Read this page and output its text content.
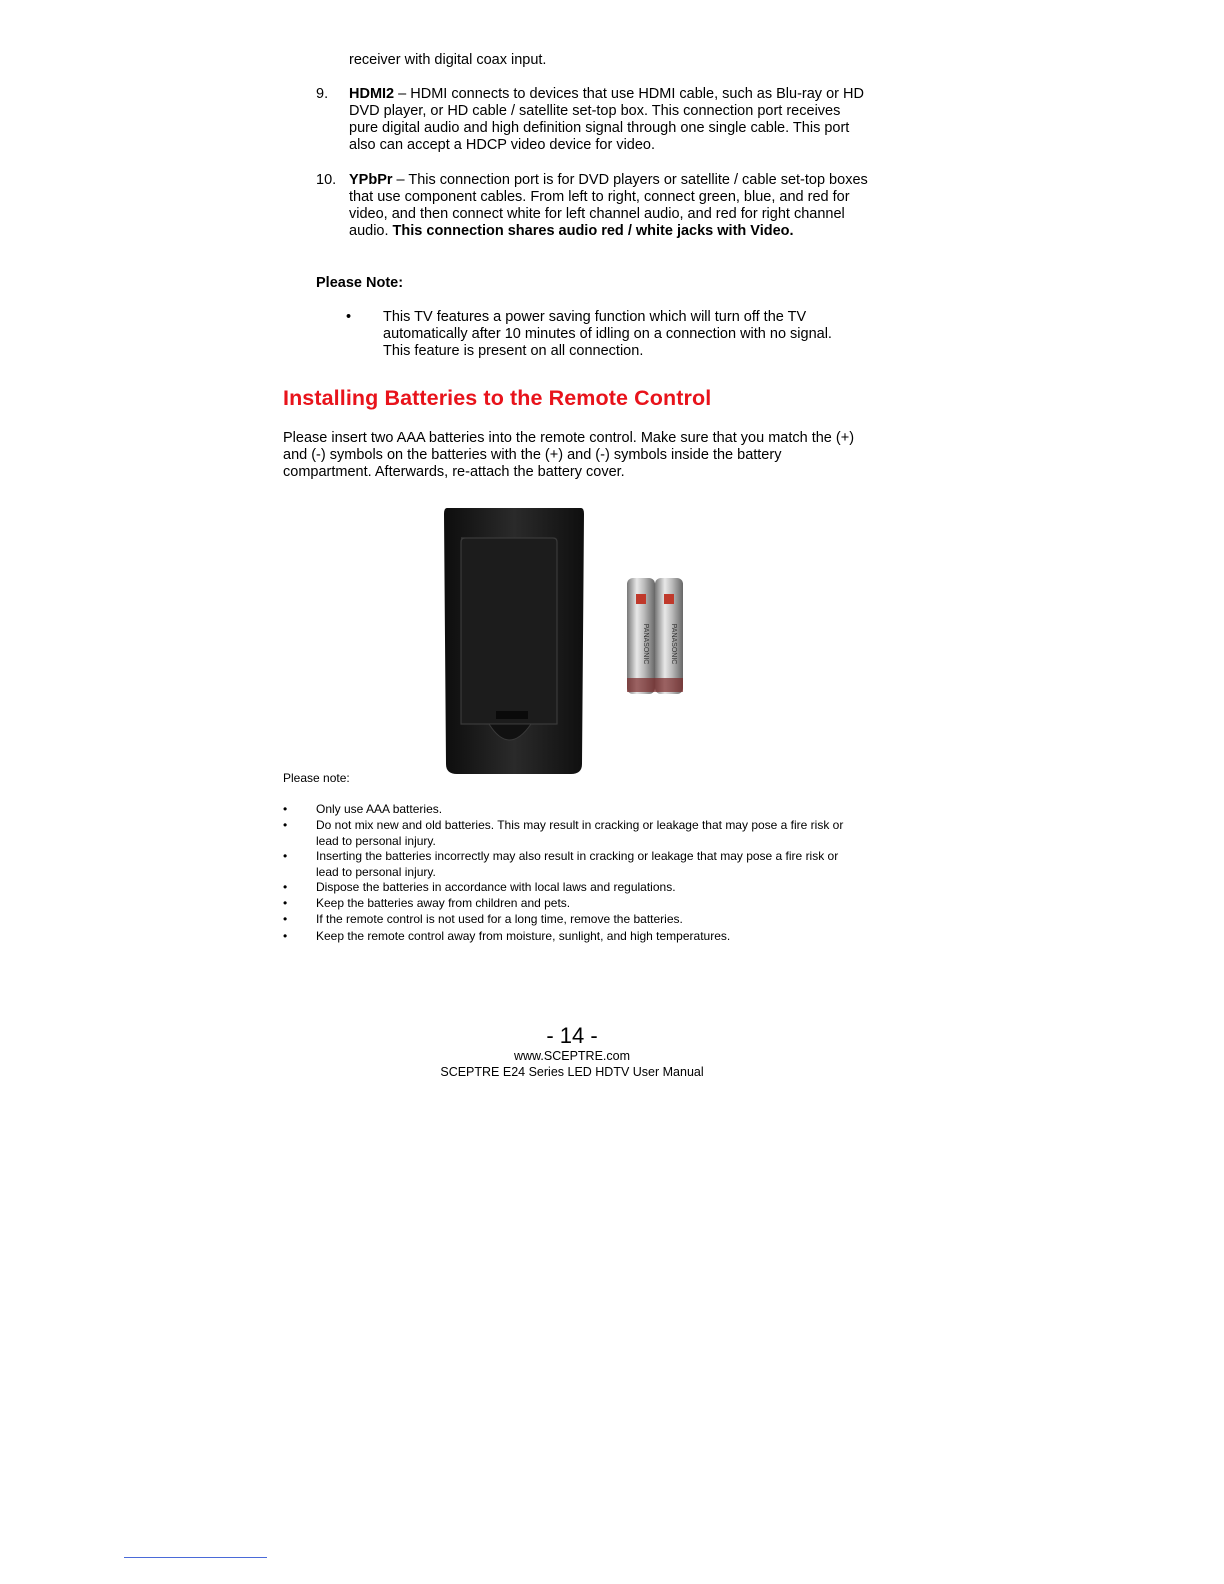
receiver with digital coax input.
9. HDMI2 – HDMI connects to devices that use HDMI cable, such as Blu-ray or HD DVD player, or HD cable / satellite set-top box. This connection port receives pure digital audio and high definition signal through one single cable. This port also can accept a HDCP video device for video.
10. YPbPr – This connection port is for DVD players or satellite / cable set-top boxes that use component cables. From left to right, connect green, blue, and red for video, and then connect white for left channel audio, and red for right channel audio. This connection shares audio red / white jacks with Video.
Please Note:
• This TV features a power saving function which will turn off the TV automatically after 10 minutes of idling on a connection with no signal. This feature is present on all connection.
Installing Batteries to the Remote Control
Please insert two AAA batteries into the remote control. Make sure that you match the (+) and (-) symbols on the batteries with the (+) and (-) symbols inside the battery compartment. Afterwards, re-attach the battery cover.
PANASONIC	PANASONIC
Please note:
• Only use AAA batteries.
• Do not mix new and old batteries. This may result in cracking or leakage that may pose a fire risk or lead to personal injury.
• Inserting the batteries incorrectly may also result in cracking or leakage that may pose a fire risk or lead to personal injury.
• Dispose the batteries in accordance with local laws and regulations.
• Keep the batteries away from children and pets.
• If the remote control is not used for a long time, remove the batteries.
• Keep the remote control away from moisture, sunlight, and high temperatures.
- 14 -
www.SCEPTRE.com
SCEPTRE E24 Series LED HDTV User Manual
